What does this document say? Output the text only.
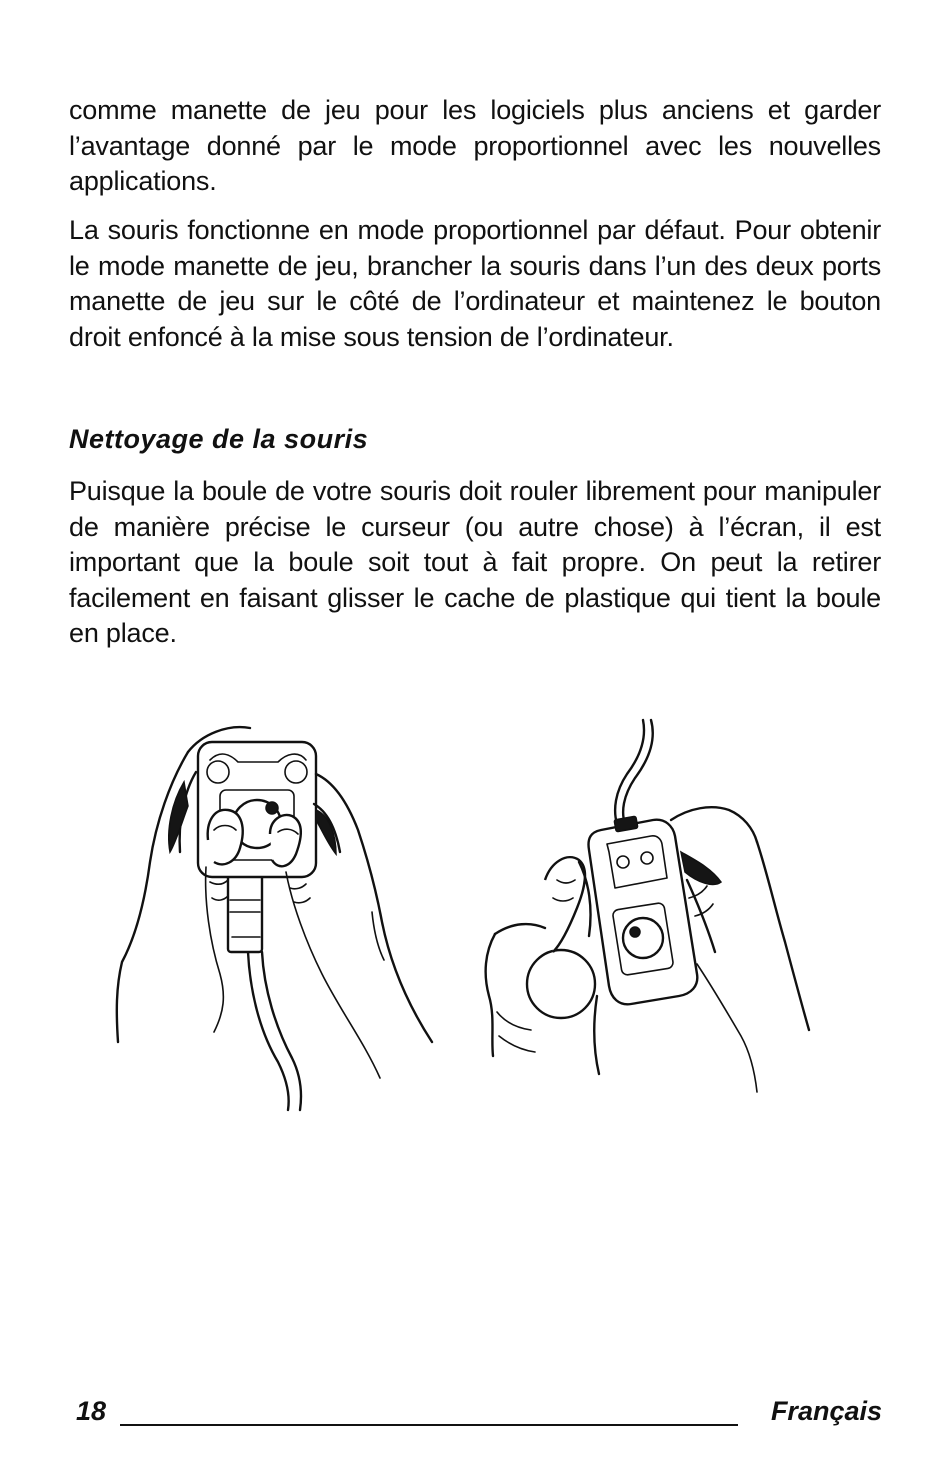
comme manette de jeu pour les logiciels plus anciens et garder l’avantage donné par le mode proportionnel avec les nouvelles applications.

La souris fonctionne en mode proportionnel par défaut. Pour obtenir le mode manette de jeu, brancher la souris dans l’un des deux ports manette de jeu sur le côté de l’ordinateur et maintenez le bouton droit enfoncé à la mise sous tension de l’ordinateur.

Nettoyage de la souris

Puisque la boule de votre souris doit rouler librement pour manipuler de manière précise le curseur (ou autre chose) à l’écran, il est important que la boule soit tout à fait propre. On peut la retirer facilement en faisant glisser le cache de plastique qui tient la boule en place.

18	Français
